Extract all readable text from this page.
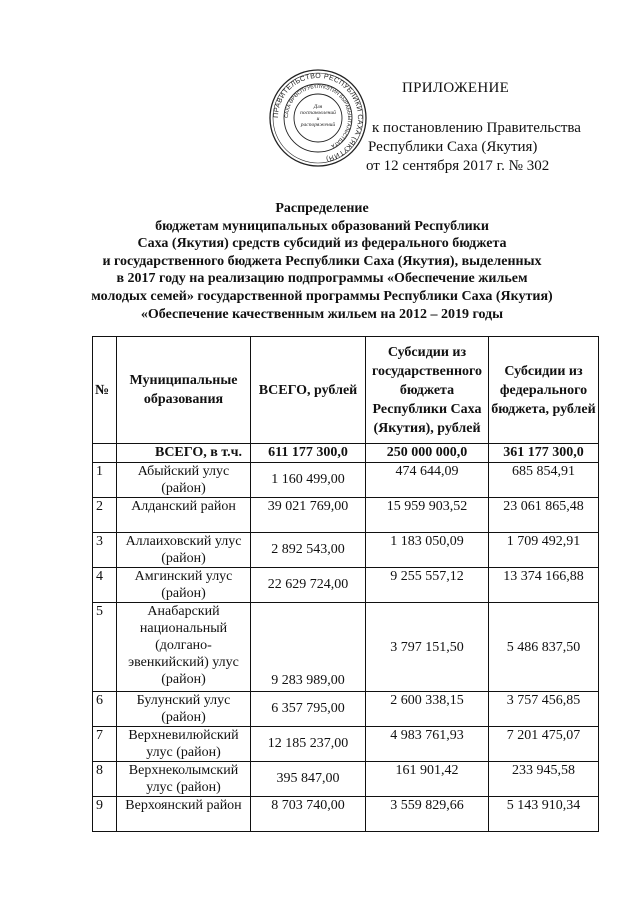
ПРАВИТЕЛЬСТВО РЕСПУБЛИКИ САХА (ЯКУТИЯ)
САХА ӨРӨСПУУБҮЛҮКЭТИН БЫРАБЫЫТАЛЬСТБАТА
Для постановлений и распоряжений
ПРИЛОЖЕНИЕ
к постановлению Правительства
Республики Саха (Якутия)
от 12 сентября 2017 г. № 302
Распределение
бюджетам муниципальных образований Республики
Саха (Якутия) средств субсидий из федерального бюджета
и государственного бюджета Республики Саха (Якутия), выделенных
в 2017 году на реализацию подпрограммы «Обеспечение жильем
молодых семей» государственной программы Республики Саха (Якутия)
«Обеспечение качественным жильем на 2012 – 2019 годы
№	Муниципальные образования	ВСЕГО, рублей	Субсидии из государственного бюджета Республики Саха (Якутия), рублей	Субсидии из федерального бюджета, рублей
	ВСЕГО, в т.ч.	611 177 300,0	250 000 000,0	361 177 300,0
1	Абыйский улус (район)	1 160 499,00	474 644,09	685 854,91
2	Алданский район	39 021 769,00	15 959 903,52	23 061 865,48
3	Аллаиховский улус (район)	2 892 543,00	1 183 050,09	1 709 492,91
4	Амгинский улус (район)	22 629 724,00	9 255 557,12	13 374 166,88
5	Анабарский национальный (долгано-эвенкийский) улус (район)	9 283 989,00	3 797 151,50	5 486 837,50
6	Булунский улус (район)	6 357 795,00	2 600 338,15	3 757 456,85
7	Верхневилюйский улус (район)	12 185 237,00	4 983 761,93	7 201 475,07
8	Верхнеколымский улус (район)	395 847,00	161 901,42	233 945,58
9	Верхоянский район	8 703 740,00	3 559 829,66	5 143 910,34
